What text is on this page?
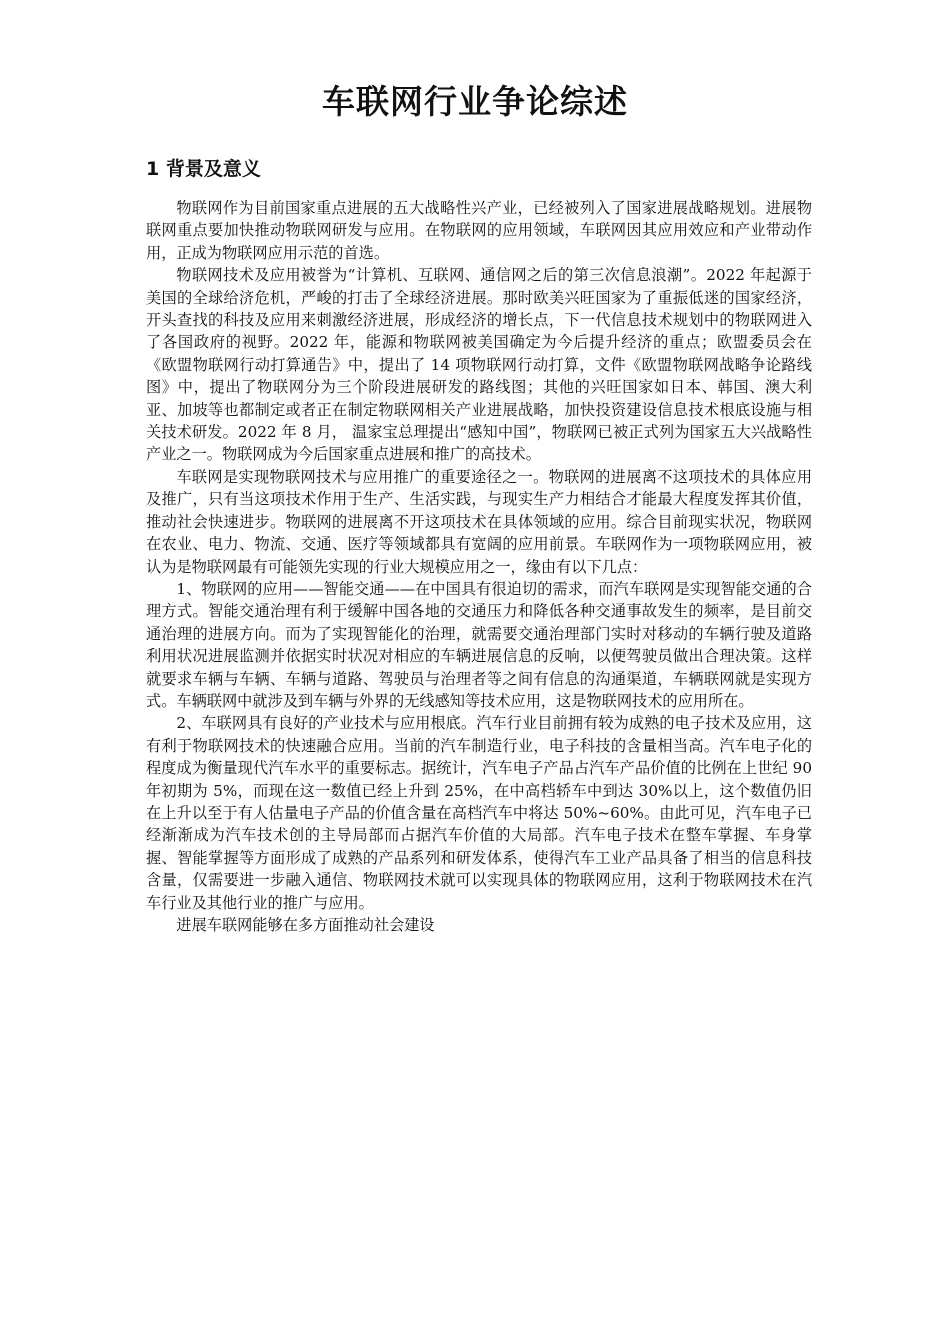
车联网行业争论综述
1 背景及意义

物联网作为目前国家重点进展的五大战略性兴产业，已经被列入了国家进展战略规划。进展物联网重点要加快推动物联网研发与应用。在物联网的应用领域，车联网因其应用效应和产业带动作用，正成为物联网应用示范的首选。

物联网技术及应用被誉为“计算机、互联网、通信网之后的第三次信息浪潮”。2022 年起源于美国的全球给济危机，严峻的打击了全球经济进展。那时欧美兴旺国家为了重振低迷的国家经济，开头查找的科技及应用来刺激经济进展，形成经济的增长点，下一代信息技术规划中的物联网进入了各国政府的视野。2022 年，能源和物联网被美国确定为今后提升经济的重点；欧盟委员会在《欧盟物联网行动打算通告》中，提出了 14 项物联网行动打算，文件《欧盟物联网战略争论路线图》中，提出了物联网分为三个阶段进展研发的路线图；其他的兴旺国家如日本、韩国、澳大利亚、加坡等也都制定或者正在制定物联网相关产业进展战略，加快投资建设信息技术根底设施与相关技术研发。2022 年 8 月， 温家宝总理提出“感知中国”，物联网已被正式列为国家五大兴战略性产业之一。物联网成为今后国家重点进展和推广的高技术。

车联网是实现物联网技术与应用推广的重要途径之一。物联网的进展离不这项技术的具体应用及推广，只有当这项技术作用于生产、生活实践，与现实生产力相结合才能最大程度发挥其价值，推动社会快速进步。物联网的进展离不开这项技术在具体领域的应用。综合目前现实状况，物联网在农业、电力、物流、交通、医疗等领域都具有宽阔的应用前景。车联网作为一项物联网应用，被认为是物联网最有可能领先实现的行业大规模应用之一，缘由有以下几点：

1、物联网的应用——智能交通——在中国具有很迫切的需求，而汽车联网是实现智能交通的合理方式。智能交通治理有利于缓解中国各地的交通压力和降低各种交通事故发生的频率，是目前交通治理的进展方向。而为了实现智能化的治理，就需要交通治理部门实时对移动的车辆行驶及道路利用状况进展监测并依据实时状况对相应的车辆进展信息的反响，以便驾驶员做出合理决策。这样就要求车辆与车辆、车辆与道路、驾驶员与治理者等之间有信息的沟通渠道，车辆联网就是实现方式。车辆联网中就涉及到车辆与外界的无线感知等技术应用，这是物联网技术的应用所在。

2、车联网具有良好的产业技术与应用根底。汽车行业目前拥有较为成熟的电子技术及应用，这有利于物联网技术的快速融合应用。当前的汽车制造行业，电子科技的含量相当高。汽车电子化的程度成为衡量现代汽车水平的重要标志。据统计，汽车电子产品占汽车产品价值的比例在上世纪 90 年初期为 5%，而现在这一数值已经上升到 25%，在中高档轿车中到达 30%以上，这个数值仍旧在上升以至于有人估量电子产品的价值含量在高档汽车中将达 50%~60%。由此可见，汽车电子已经渐渐成为汽车技术创的主导局部而占据汽车价值的大局部。汽车电子技术在整车掌握、车身掌握、智能掌握等方面形成了成熟的产品系列和研发体系，使得汽车工业产品具备了相当的信息科技含量，仅需要进一步融入通信、物联网技术就可以实现具体的物联网应用，这利于物联网技术在汽车行业及其他行业的推广与应用。

进展车联网能够在多方面推动社会建设
